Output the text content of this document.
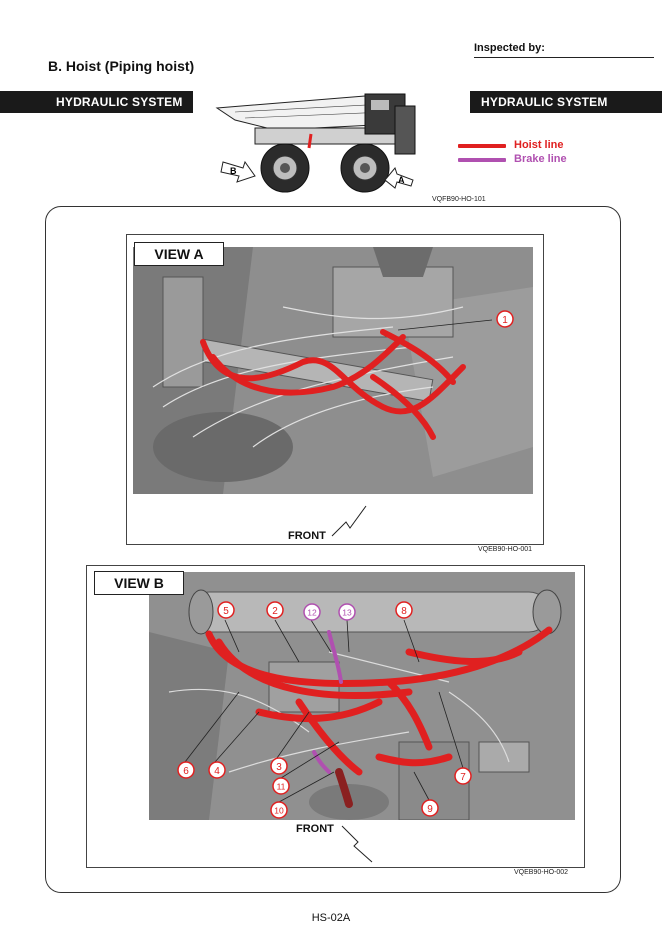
Inspected by:
B. Hoist (Piping hoist)
HYDRAULIC SYSTEM	HYDRAULIC SYSTEM
B
A
VQFB90-HO-101
Hoist line
Brake line
VIEW A
1
FRONT
VQEB90-HO-001
VIEW B
5	2	12	13	8
6	4	3
11
10
7
9
FRONT
VQEB90-HO-002
HS-02A
